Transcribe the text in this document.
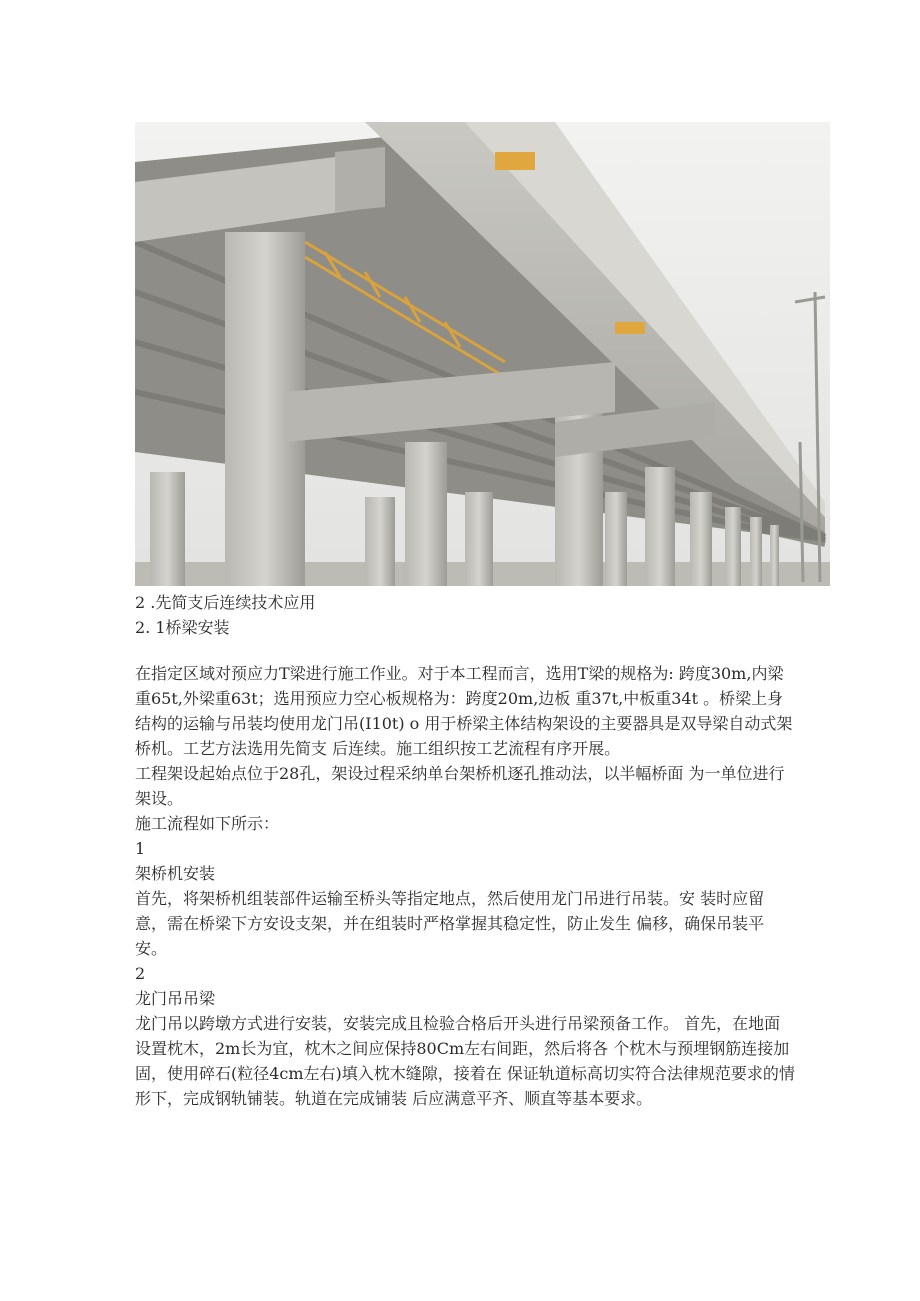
2 .先简支后连续技术应用

2. 1桥梁安装

在指定区域对预应力T梁进行施工作业。对于本工程而言，选用T梁的规格为: 跨度30m,内梁重65t,外梁重63t；选用预应力空心板规格为：跨度20m,边板 重37t,中板重34t 。桥梁上身结构的运输与吊装均使用龙门吊(I10t) o 用于桥梁主体结构架设的主要器具是双导梁自动式架桥机。工艺方法选用先简支 后连续。施工组织按工艺流程有序开展。

工程架设起始点位于28孔，架设过程采纳单台架桥机逐孔推动法，以半幅桥面 为一单位进行架设。

施工流程如下所示：

1

架桥机安装

首先，将架桥机组装部件运输至桥头等指定地点，然后使用龙门吊进行吊装。安 装时应留意，需在桥梁下方安设支架，并在组装时严格掌握其稳定性，防止发生 偏移，确保吊装平安。

2

龙门吊吊梁

龙门吊以跨墩方式进行安装，安装完成且检验合格后开头进行吊梁预备工作。 首先，在地面设置枕木，2m长为宜，枕木之间应保持80Cm左右间距，然后将各 个枕木与预埋钢筋连接加固，使用碎石(粒径4cm左右)填入枕木缝隙，接着在 保证轨道标高切实符合法律规范要求的情形下，完成钢轨铺装。轨道在完成铺装 后应满意平齐、顺直等基本要求。
